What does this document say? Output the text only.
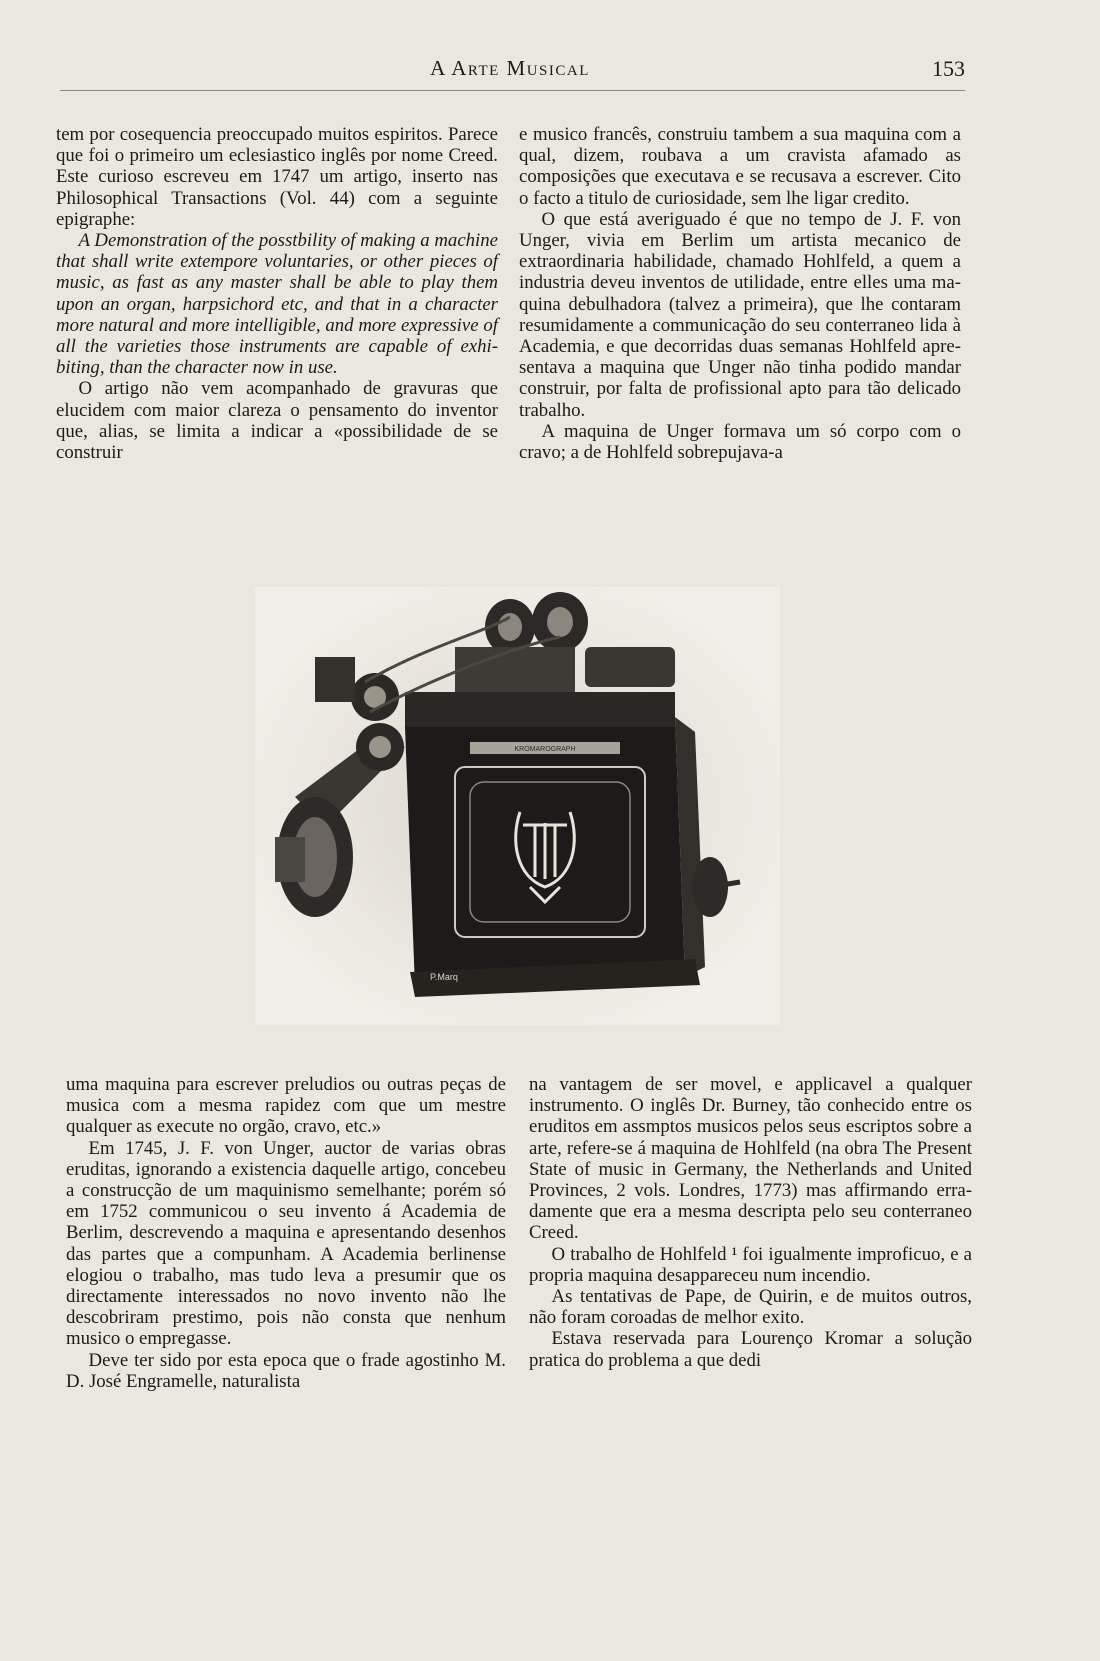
A Arte Musical	153

tem por cosequencia preoccupado muitos espiritos. Parece que foi o primeiro um eclesiastico inglês por nome Creed. Este curioso escreveu em 1747 um artigo, inserto nas Philosophical Transactions (Vol. 44) com a seguinte epigraphe:

A Demonstration of the posstbility of making a machine that shall write extempore voluntaries, or other pieces of music, as fast as any master shall be able to play them upon an organ, harpsichord etc, and that in a character more natural and more intelligible, and more expressive of all the varieties those instruments are capable of exhibiting, than the character now in use.

O artigo não vem acompanhado de gravuras que elucidem com maior clareza o pensamento do inventor que, alias, se limita a indicar a «possibilidade de se construir

e musico francês, construiu tambem a sua maquina com a qual, dizem, roubava a um cravista afamado as composições que executava e se recusava a escrever. Cito o facto a titulo de curiosidade, sem lhe ligar credito.

O que está averiguado é que no tempo de J. F. von Unger, vivia em Berlim um artista mecanico de extraordinaria habilidade, chamado Hohlfeld, a quem a industria deveu inventos de utilidade, entre elles uma maquina debulhadora (talvez a primeira), que lhe contaram resumidamente a communicação do seu conterraneo lida à Academia, e que decorridas duas semanas Hohlfeld apresentava a maquina que Unger não tinha podido mandar construir, por falta de profissional apto para tão delicado trabalho.

A maquina de Unger formava um só corpo com o cravo; a de Hohlfeld sobrepujava-a

KROMAROGRAPH
P.Marq

uma maquina para escrever preludios ou outras peças de musica com a mesma rapidez com que um mestre qualquer as execute no orgão, cravo, etc.»

Em 1745, J. F. von Unger, auctor de varias obras eruditas, ignorando a existencia daquelle artigo, concebeu a construcção de um maquinismo semelhante; porém só em 1752 communicou o seu invento á Academia de Berlim, descrevendo a maquina e apresentando desenhos das partes que a compunham. A Academia berlinense elogiou o trabalho, mas tudo leva a presumir que os directamente interessados no novo invento não lhe descobriram prestimo, pois não consta que nenhum musico o empregasse.

Deve ter sido por esta epoca que o frade agostinho M. D. José Engramelle, naturalista

na vantagem de ser movel, e applicavel a qualquer instrumento. O inglês Dr. Burney, tão conhecido entre os eruditos em assmptos musicos pelos seus escriptos sobre a arte, refere-se á maquina de Hohlfeld (na obra The Present State of music in Germany, the Netherlands and United Provinces, 2 vols. Londres, 1773) mas affirmando erradamente que era a mesma descripta pelo seu conterraneo Creed.

O trabalho de Hohlfeld ¹ foi igualmente improficuo, e a propria maquina desappareceu num incendio.

As tentativas de Pape, de Quirin, e de muitos outros, não foram coroadas de melhor exito.

Estava reservada para Lourenço Kromar a solução pratica do problema a que dedi
